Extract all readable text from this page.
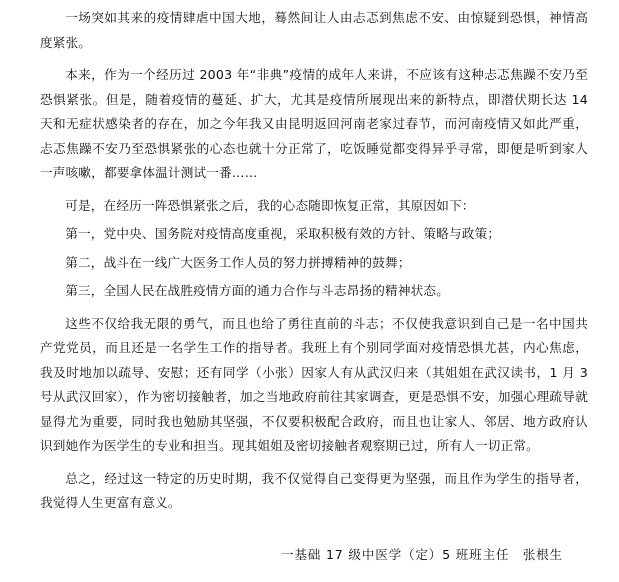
一场突如其来的疫情肆虐中国大地，蓦然间让人由忐忑到焦虑不安、由惊疑到恐惧，神情高度紧张。

本来，作为一个经历过 2003 年“非典”疫情的成年人来讲，不应该有这种忐忑焦躁不安乃至恐惧紧张。但是，随着疫情的蔓延、扩大，尤其是疫情所展现出来的新特点，即潜伏期长达 14 天和无症状感染者的存在，加之今年我又由昆明返回河南老家过春节，而河南疫情又如此严重，忐忑焦躁不安乃至恐惧紧张的心态也就十分正常了，吃饭睡觉都变得异乎寻常，即便是听到家人一声咳嗽，都要拿体温计测试一番……

可是，在经历一阵恐惧紧张之后，我的心态随即恢复正常，其原因如下：

第一，党中央、国务院对疫情高度重视，采取积极有效的方针、策略与政策；

第二，战斗在一线广大医务工作人员的努力拼搏精神的鼓舞；

第三，全国人民在战胜疫情方面的通力合作与斗志昂扬的精神状态。

这些不仅给我无限的勇气，而且也给了勇往直前的斗志；不仅使我意识到自己是一名中国共产党党员，而且还是一名学生工作的指导者。我班上有个别同学面对疫情恐惧尤甚，内心焦虑，我及时地加以疏导、安慰；还有同学（小张）因家人有从武汉归来（其姐姐在武汉读书，1 月 3 号从武汉回家），作为密切接触者，加之当地政府前往其家调查，更是恐惧不安，加强心理疏导就显得尤为重要，同时我也勉励其坚强，不仅要积极配合政府，而且也让家人、邻居、地方政府认识到她作为医学生的专业和担当。现其姐姐及密切接触者观察期已过，所有人一切正常。

总之，经过这一特定的历史时期，我不仅觉得自己变得更为坚强，而且作为学生的指导者，我觉得人生更富有意义。

一基础 17 级中医学（定）5 班班主任　张根生
